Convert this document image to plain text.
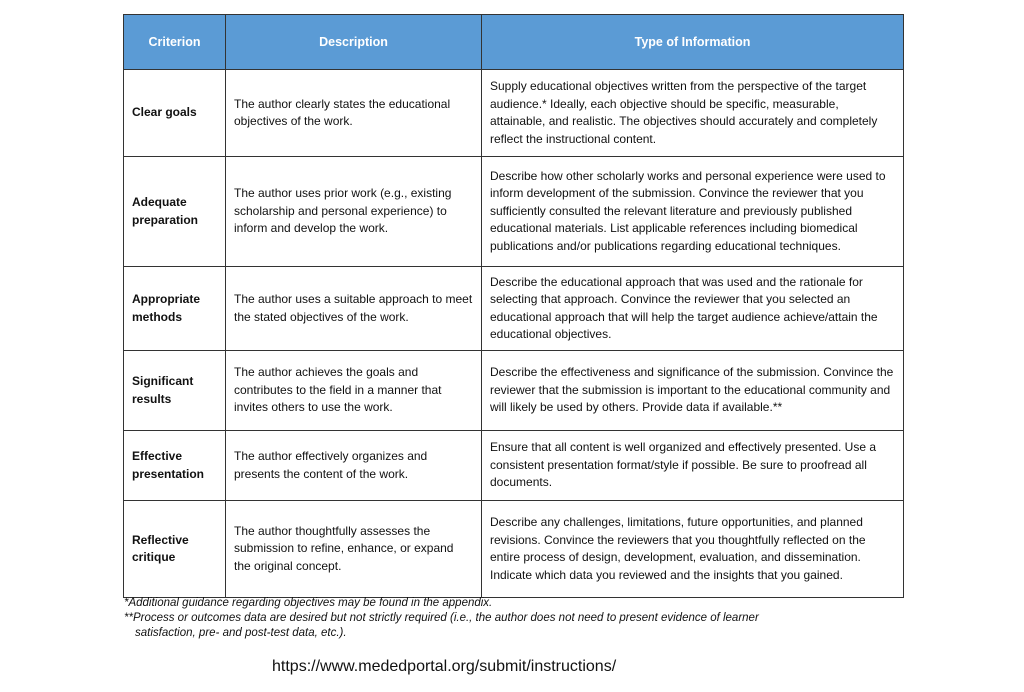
Criterion	Description	Type of Information
Clear goals	The author clearly states the educational objectives of the work.	Supply educational objectives written from the perspective of the target audience.* Ideally, each objective should be specific, measurable, attainable, and realistic. The objectives should accurately and completely reflect the instructional content.
Adequate preparation	The author uses prior work (e.g., existing scholarship and personal experience) to inform and develop the work.	Describe how other scholarly works and personal experience were used to inform development of the submission. Convince the reviewer that you sufficiently consulted the relevant literature and previously published educational materials. List applicable references including biomedical publications and/or publications regarding educational techniques.
Appropriate methods	The author uses a suitable approach to meet the stated objectives of the work.	Describe the educational approach that was used and the rationale for selecting that approach. Convince the reviewer that you selected an educational approach that will help the target audience achieve/attain the educational objectives.
Significant results	The author achieves the goals and contributes to the field in a manner that invites others to use the work.	Describe the effectiveness and significance of the submission. Convince the reviewer that the submission is important to the educational community and will likely be used by others. Provide data if available.**
Effective presentation	The author effectively organizes and presents the content of the work.	Ensure that all content is well organized and effectively presented. Use a consistent presentation format/style if possible. Be sure to proofread all documents.
Reflective critique	The author thoughtfully assesses the submission to refine, enhance, or expand the original concept.	Describe any challenges, limitations, future opportunities, and planned revisions. Convince the reviewers that you thoughtfully reflected on the entire process of design, development, evaluation, and dissemination. Indicate which data you reviewed and the insights that you gained.
*Additional guidance regarding objectives may be found in the appendix.
**Process or outcomes data are desired but not strictly required (i.e., the author does not need to present evidence of learner
satisfaction, pre- and post-test data, etc.).
https://www.mededportal.org/submit/instructions/
